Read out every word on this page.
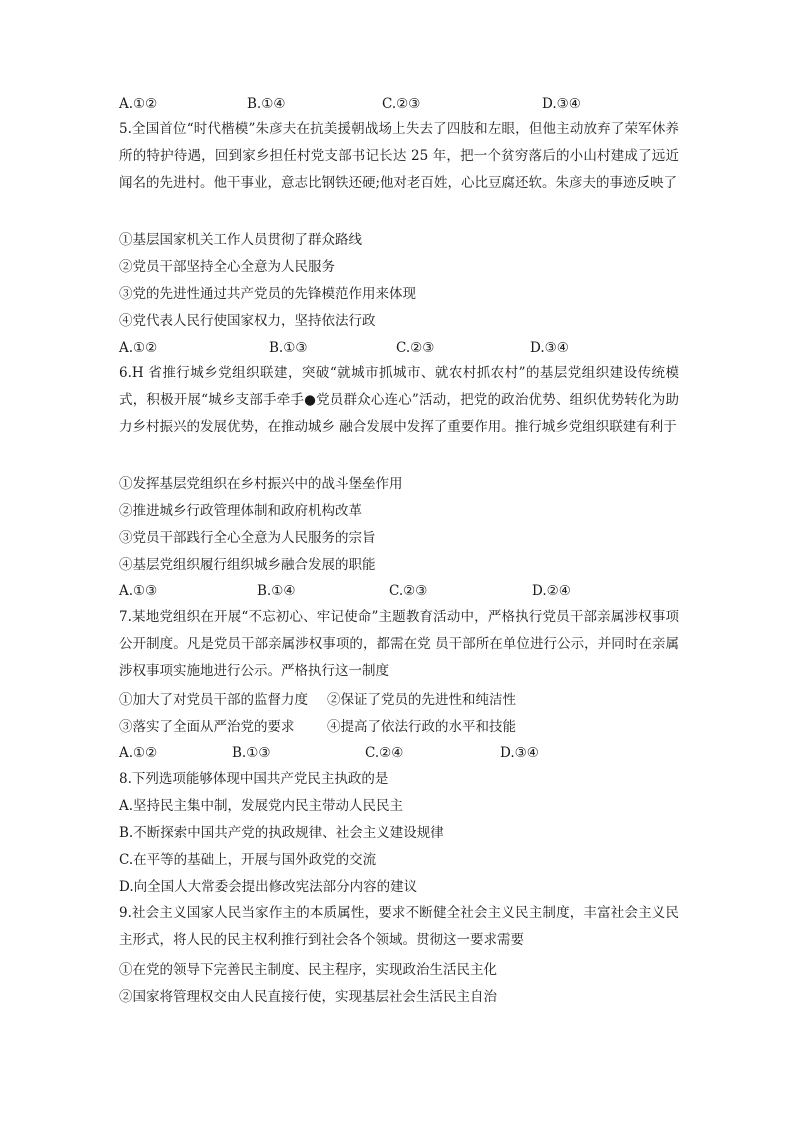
A.①②	B.①④	C.②③	D.③④
5.全国首位“时代楷模”朱彦夫在抗美援朝战场上失去了四肢和左眼，但他主动放弃了荣军休养所的特护待遇，回到家乡担任村党支部书记长达 25 年，把一个贫穷落后的小山村建成了远近闻名的先进村。他干事业，意志比钢铁还硬;他对老百姓，心比豆腐还软。朱彦夫的事迹反映了
①基层国家机关工作人员贯彻了群众路线
②党员干部坚持全心全意为人民服务
③党的先进性通过共产党员的先锋模范作用来体现
④党代表人民行使国家权力，坚持依法行政
A.①②	B.①③	C.②③	D.③④
6.H 省推行城乡党组织联建，突破“就城市抓城市、就农村抓农村”的基层党组织建设传统模式，积极开展“城乡支部手牵手●党员群众心连心”活动，把党的政治优势、组织优势转化为助力乡村振兴的发展优势，在推动城乡 融合发展中发挥了重要作用。推行城乡党组织联建有利于
①发挥基层党组织在乡村振兴中的战斗堡垒作用
②推进城乡行政管理体制和政府机构改革
③党员干部践行全心全意为人民服务的宗旨
④基层党组织履行组织城乡融合发展的职能
A.①③	B.①④	C.②③	D.②④
7.某地党组织在开展“不忘初心、牢记使命”主题教育活动中，严格执行党员干部亲属涉权事项公开制度。凡是党员干部亲属涉权事项的，都需在党 员干部所在单位进行公示，并同时在亲属涉权事项实施地进行公示。严格执行这一制度
①加大了对党员干部的监督力度 ②保证了党员的先进性和纯洁性
③落实了全面从严治党的要求 ④提高了依法行政的水平和技能
A.①②	B.①③	C.②④	D.③④
8.下列选项能够体现中国共产党民主执政的是
A.坚持民主集中制，发展党内民主带动人民民主
B.不断探索中国共产党的执政规律、社会主义建设规律
C.在平等的基础上，开展与国外政党的交流
D.向全国人大常委会提出修改宪法部分内容的建议
9.社会主义国家人民当家作主的本质属性，要求不断健全社会主义民主制度，丰富社会主义民主形式，将人民的民主权利推行到社会各个领域。贯彻这一要求需要
①在党的领导下完善民主制度、民主程序，实现政治生活民主化
②国家将管理权交由人民直接行使，实现基层社会生活民主自治
